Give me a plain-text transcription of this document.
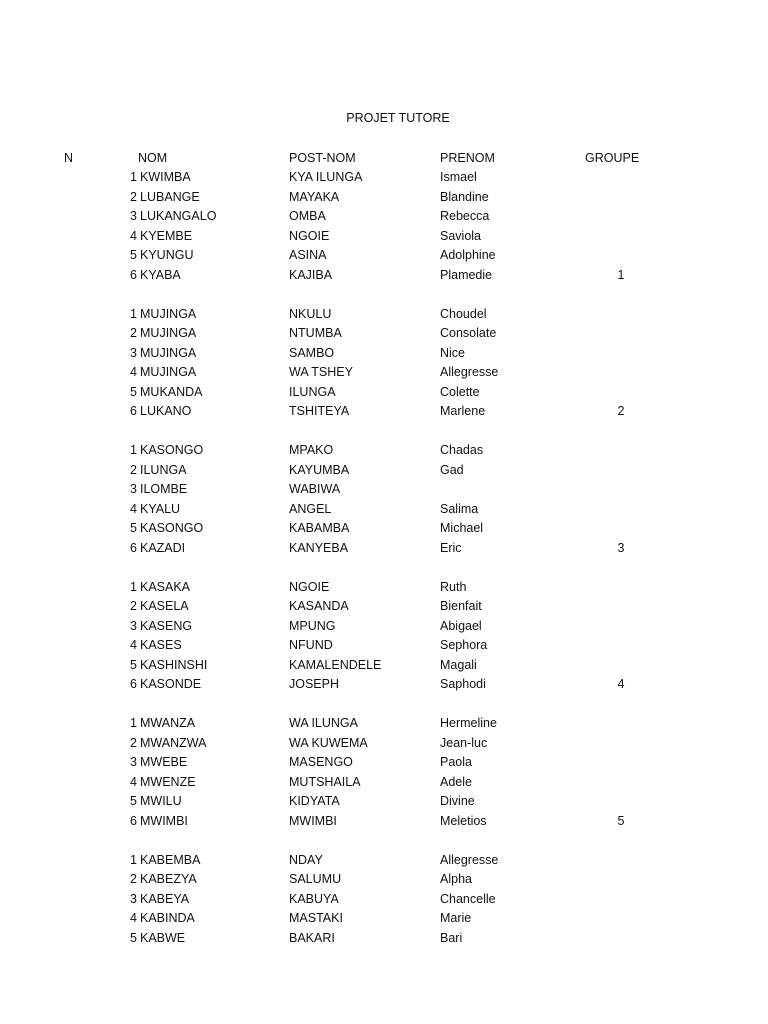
PROJET TUTORE
N	NOM	POST-NOM	PRENOM	GROUPE
1 KWIMBA	KYA ILUNGA	Ismael
2 LUBANGE	MAYAKA	Blandine
3 LUKANGALO	OMBA	Rebecca
4 KYEMBE	NGOIE	Saviola
5 KYUNGU	ASINA	Adolphine
6 KYABA	KAJIBA	Plamedie	1
1 MUJINGA	NKULU	Choudel
2 MUJINGA	NTUMBA	Consolate
3 MUJINGA	SAMBO	Nice
4 MUJINGA	WA TSHEY	Allegresse
5 MUKANDA	ILUNGA	Colette
6 LUKANO	TSHITEYA	Marlene	2
1 KASONGO	MPAKO	Chadas
2 ILUNGA	KAYUMBA	Gad
3 ILOMBE	WABIWA
4 KYALU	ANGEL	Salima
5 KASONGO	KABAMBA	Michael
6 KAZADI	KANYEBA	Eric	3
1 KASAKA	NGOIE	Ruth
2 KASELA	KASANDA	Bienfait
3 KASENG	MPUNG	Abigael
4 KASES	NFUND	Sephora
5 KASHINSHI	KAMALENDELE	Magali
6 KASONDE	JOSEPH	Saphodi	4
1 MWANZA	WA ILUNGA	Hermeline
2 MWANZWA	WA KUWEMA	Jean-luc
3 MWEBE	MASENGO	Paola
4 MWENZE	MUTSHAILA	Adele
5 MWILU	KIDYATA	Divine
6 MWIMBI	MWIMBI	Meletios	5
1 KABEMBA	NDAY	Allegresse
2 KABEZYA	SALUMU	Alpha
3 KABEYA	KABUYA	Chancelle
4 KABINDA	MASTAKI	Marie
5 KABWE	BAKARI	Bari
